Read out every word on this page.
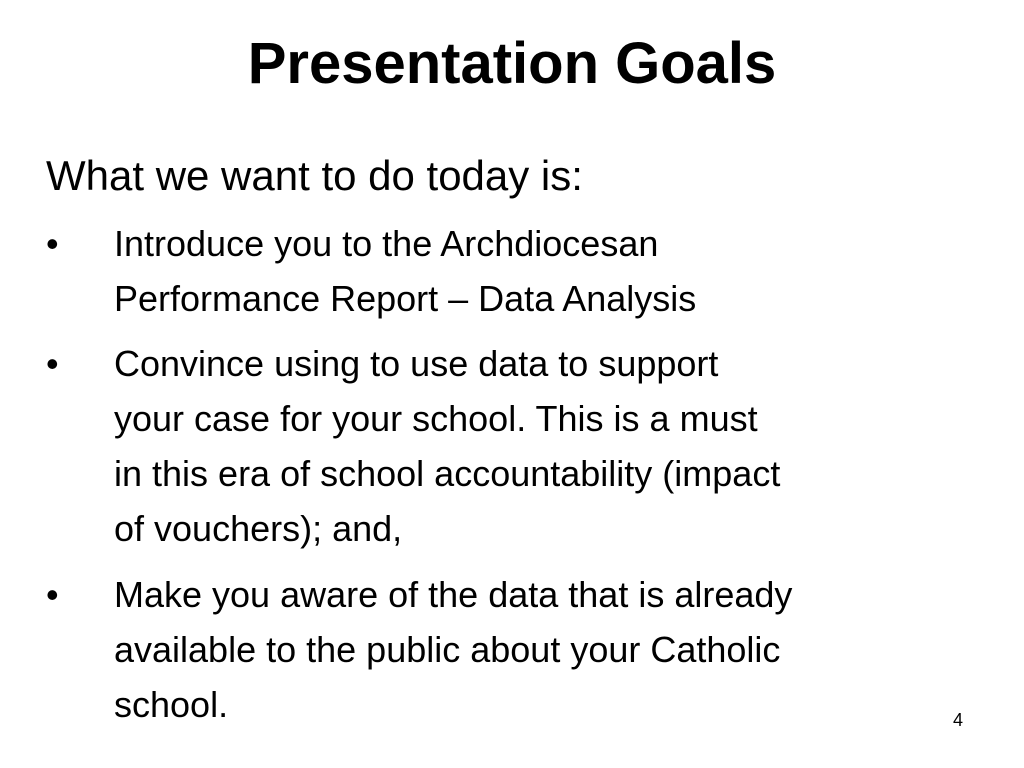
Presentation Goals
What we want to do today is:
• Introduce you to the Archdiocesan
Performance Report – Data Analysis
• Convince using to use data to support
your case for your school. This is a must
in this era of school accountability (impact
of vouchers); and,
• Make you aware of the data that is already
available to the public about your Catholic
school.	4
